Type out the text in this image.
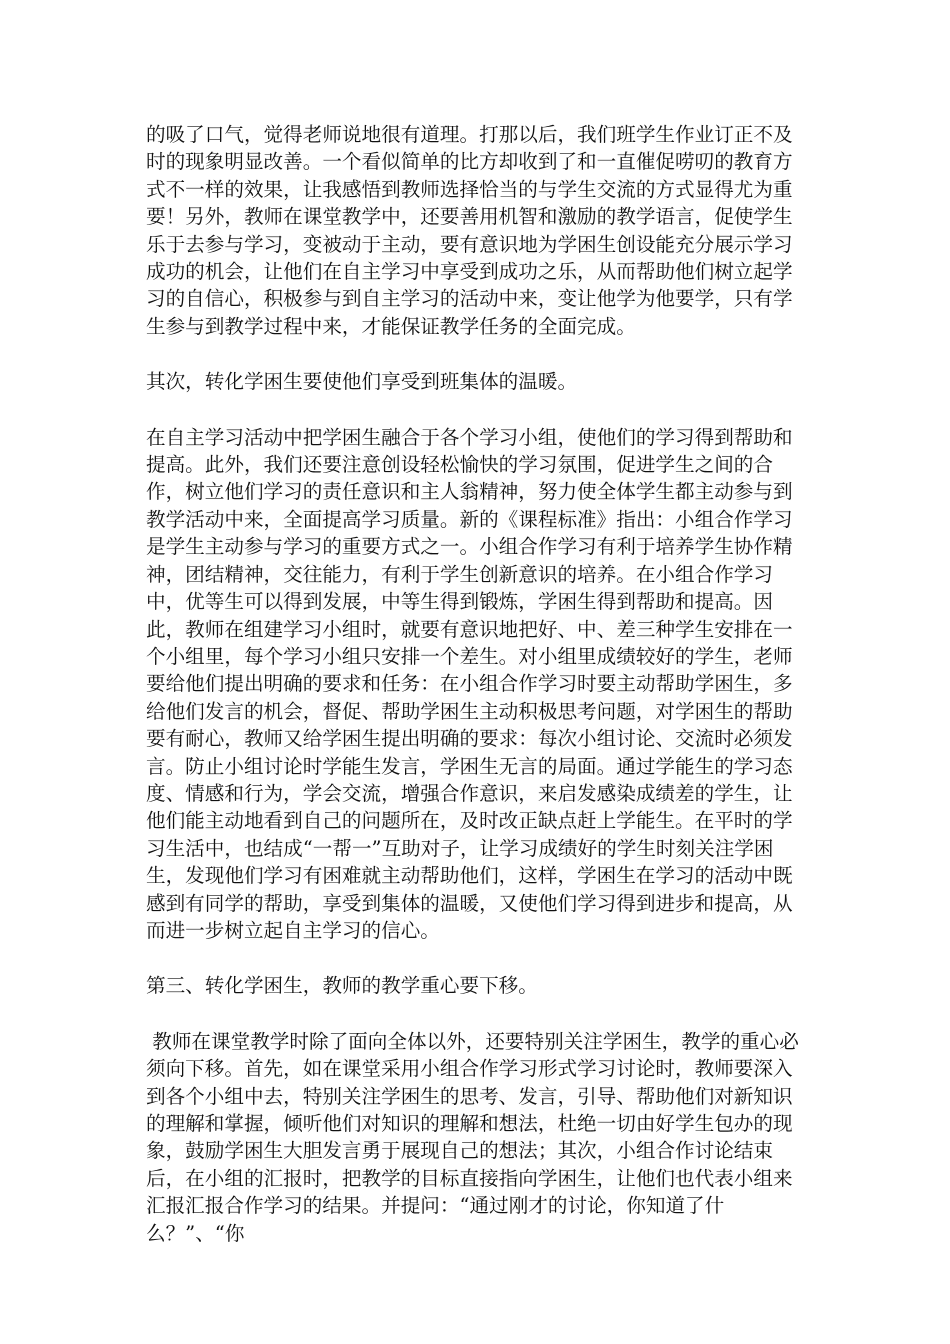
的吸了口气，觉得老师说地很有道理。打那以后，我们班学生作业订正不及时的现象明显改善。一个看似简单的比方却收到了和一直催促唠叨的教育方式不一样的效果，让我感悟到教师选择恰当的与学生交流的方式显得尤为重要！另外，教师在课堂教学中，还要善用机智和激励的教学语言，促使学生乐于去参与学习，变被动于主动，要有意识地为学困生创设能充分展示学习成功的机会，让他们在自主学习中享受到成功之乐，从而帮助他们树立起学习的自信心，积极参与到自主学习的活动中来，变让他学为他要学，只有学生参与到教学过程中来，才能保证教学任务的全面完成。

其次，转化学困生要使他们享受到班集体的温暖。

在自主学习活动中把学困生融合于各个学习小组，使他们的学习得到帮助和提高。此外，我们还要注意创设轻松愉快的学习氛围，促进学生之间的合作，树立他们学习的责任意识和主人翁精神，努力使全体学生都主动参与到教学活动中来，全面提高学习质量。新的《课程标准》指出：小组合作学习是学生主动参与学习的重要方式之一。小组合作学习有利于培养学生协作精神，团结精神，交往能力，有利于学生创新意识的培养。在小组合作学习中，优等生可以得到发展，中等生得到锻炼，学困生得到帮助和提高。因此，教师在组建学习小组时，就要有意识地把好、中、差三种学生安排在一个小组里，每个学习小组只安排一个差生。对小组里成绩较好的学生，老师要给他们提出明确的要求和任务：在小组合作学习时要主动帮助学困生，多给他们发言的机会，督促、帮助学困生主动积极思考问题，对学困生的帮助要有耐心，教师又给学困生提出明确的要求：每次小组讨论、交流时必须发言。防止小组讨论时学能生发言，学困生无言的局面。通过学能生的学习态度、情感和行为，学会交流，增强合作意识，来启发感染成绩差的学生，让他们能主动地看到自己的问题所在，及时改正缺点赶上学能生。在平时的学习生活中，也结成“一帮一”互助对子，让学习成绩好的学生时刻关注学困生，发现他们学习有困难就主动帮助他们，这样，学困生在学习的活动中既感到有同学的帮助，享受到集体的温暖，又使他们学习得到进步和提高，从而进一步树立起自主学习的信心。

第三、转化学困生，教师的教学重心要下移。

教师在课堂教学时除了面向全体以外，还要特别关注学困生，教学的重心必须向下移。首先，如在课堂采用小组合作学习形式学习讨论时，教师要深入到各个小组中去，特别关注学困生的思考、发言，引导、帮助他们对新知识的理解和掌握，倾听他们对知识的理解和想法，杜绝一切由好学生包办的现象，鼓励学困生大胆发言勇于展现自己的想法；其次，小组合作讨论结束后，在小组的汇报时，把教学的目标直接指向学困生，让他们也代表小组来汇报汇报合作学习的结果。并提问：“通过刚才的讨论，你知道了什么？”、“你
